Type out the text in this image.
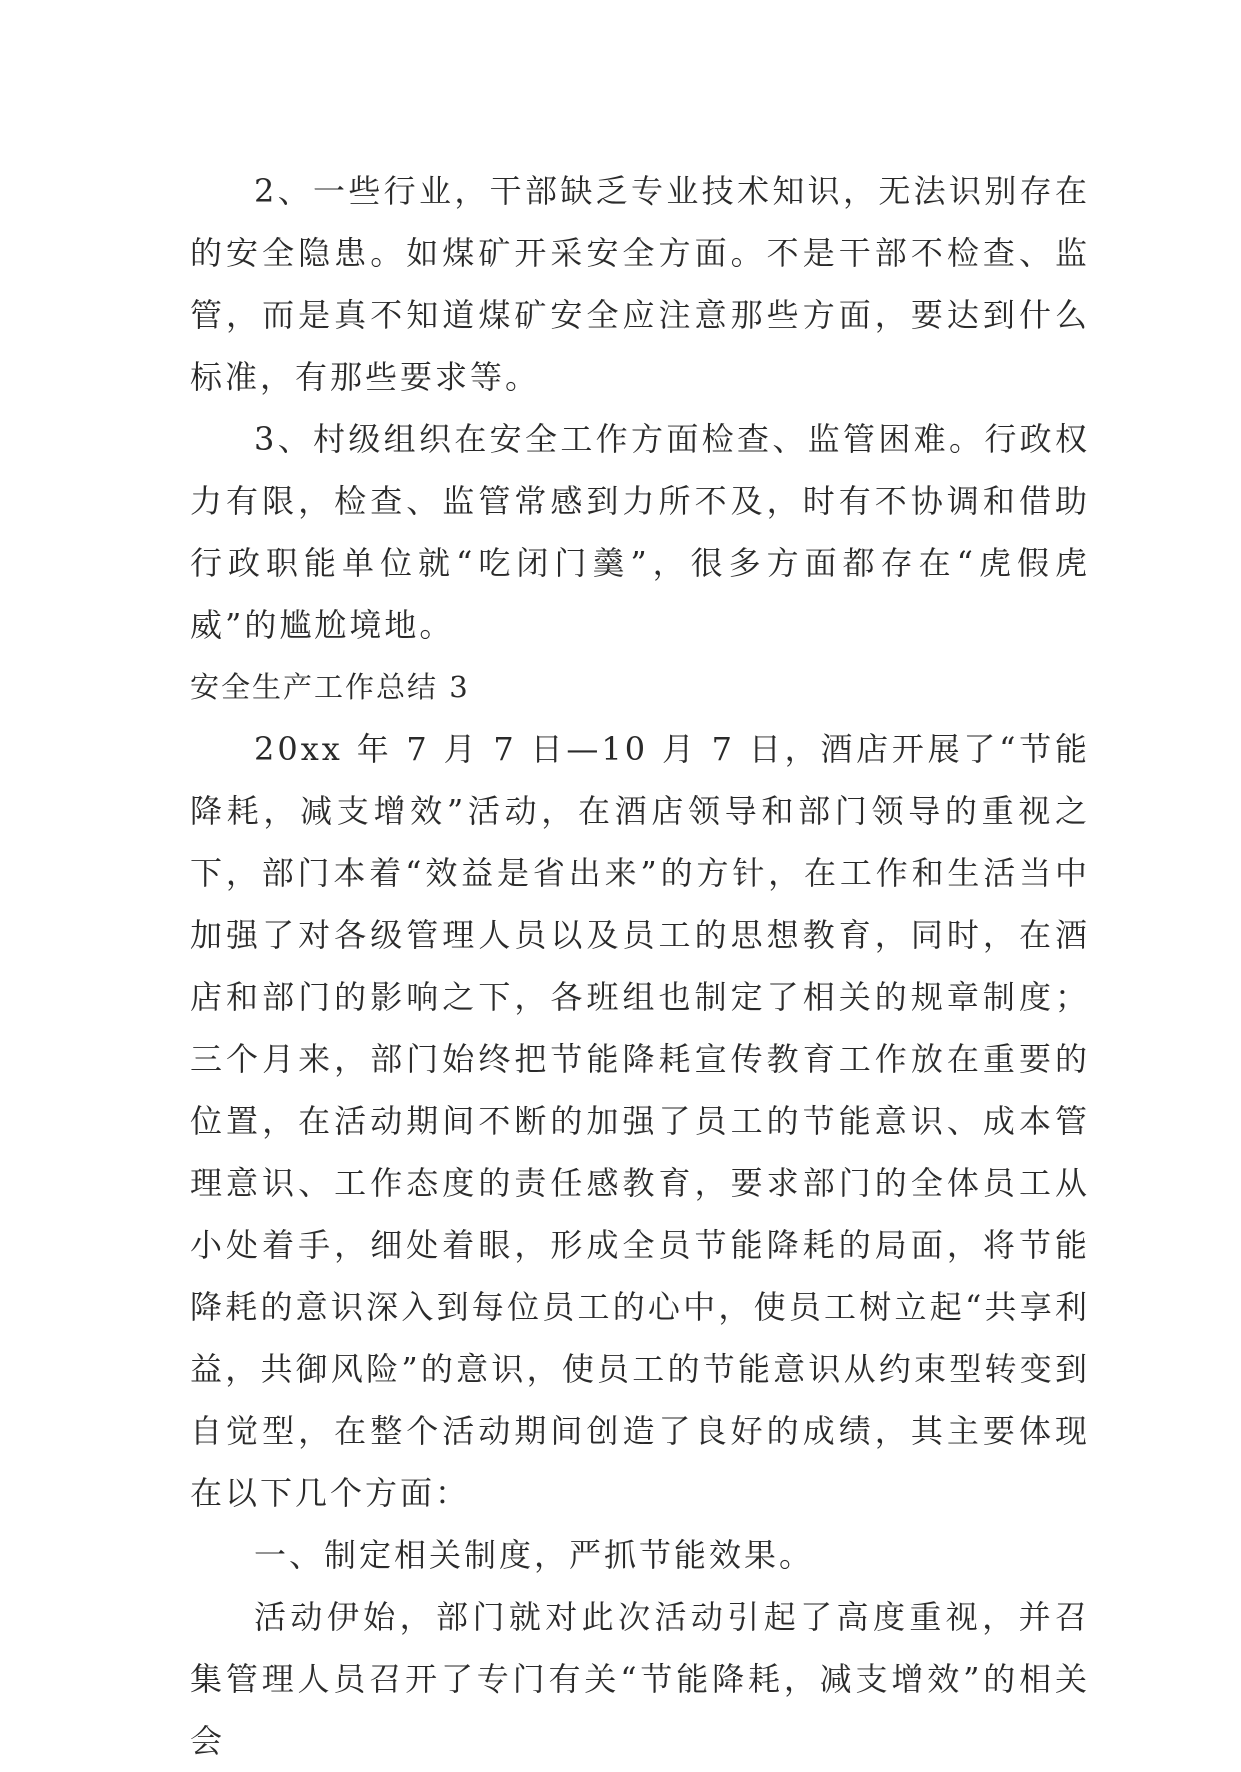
2、一些行业，干部缺乏专业技术知识，无法识别存在的安全隐患。如煤矿开采安全方面。不是干部不检查、监管，而是真不知道煤矿安全应注意那些方面，要达到什么标准，有那些要求等。

3、村级组织在安全工作方面检查、监管困难。行政权力有限，检查、监管常感到力所不及，时有不协调和借助行政职能单位就“吃闭门羹”，很多方面都存在“虎假虎威”的尴尬境地。

安全生产工作总结 3

20xx 年 7 月 7 日—10 月 7 日，酒店开展了“节能降耗，减支增效”活动，在酒店领导和部门领导的重视之下，部门本着“效益是省出来”的方针，在工作和生活当中加强了对各级管理人员以及员工的思想教育，同时，在酒店和部门的影响之下，各班组也制定了相关的规章制度；三个月来，部门始终把节能降耗宣传教育工作放在重要的位置，在活动期间不断的加强了员工的节能意识、成本管理意识、工作态度的责任感教育，要求部门的全体员工从小处着手，细处着眼，形成全员节能降耗的局面，将节能降耗的意识深入到每位员工的心中，使员工树立起“共享利益，共御风险”的意识，使员工的节能意识从约束型转变到自觉型，在整个活动期间创造了良好的成绩，其主要体现在以下几个方面：

一、制定相关制度，严抓节能效果。

活动伊始，部门就对此次活动引起了高度重视，并召集管理人员召开了专门有关“节能降耗，减支增效”的相关会
